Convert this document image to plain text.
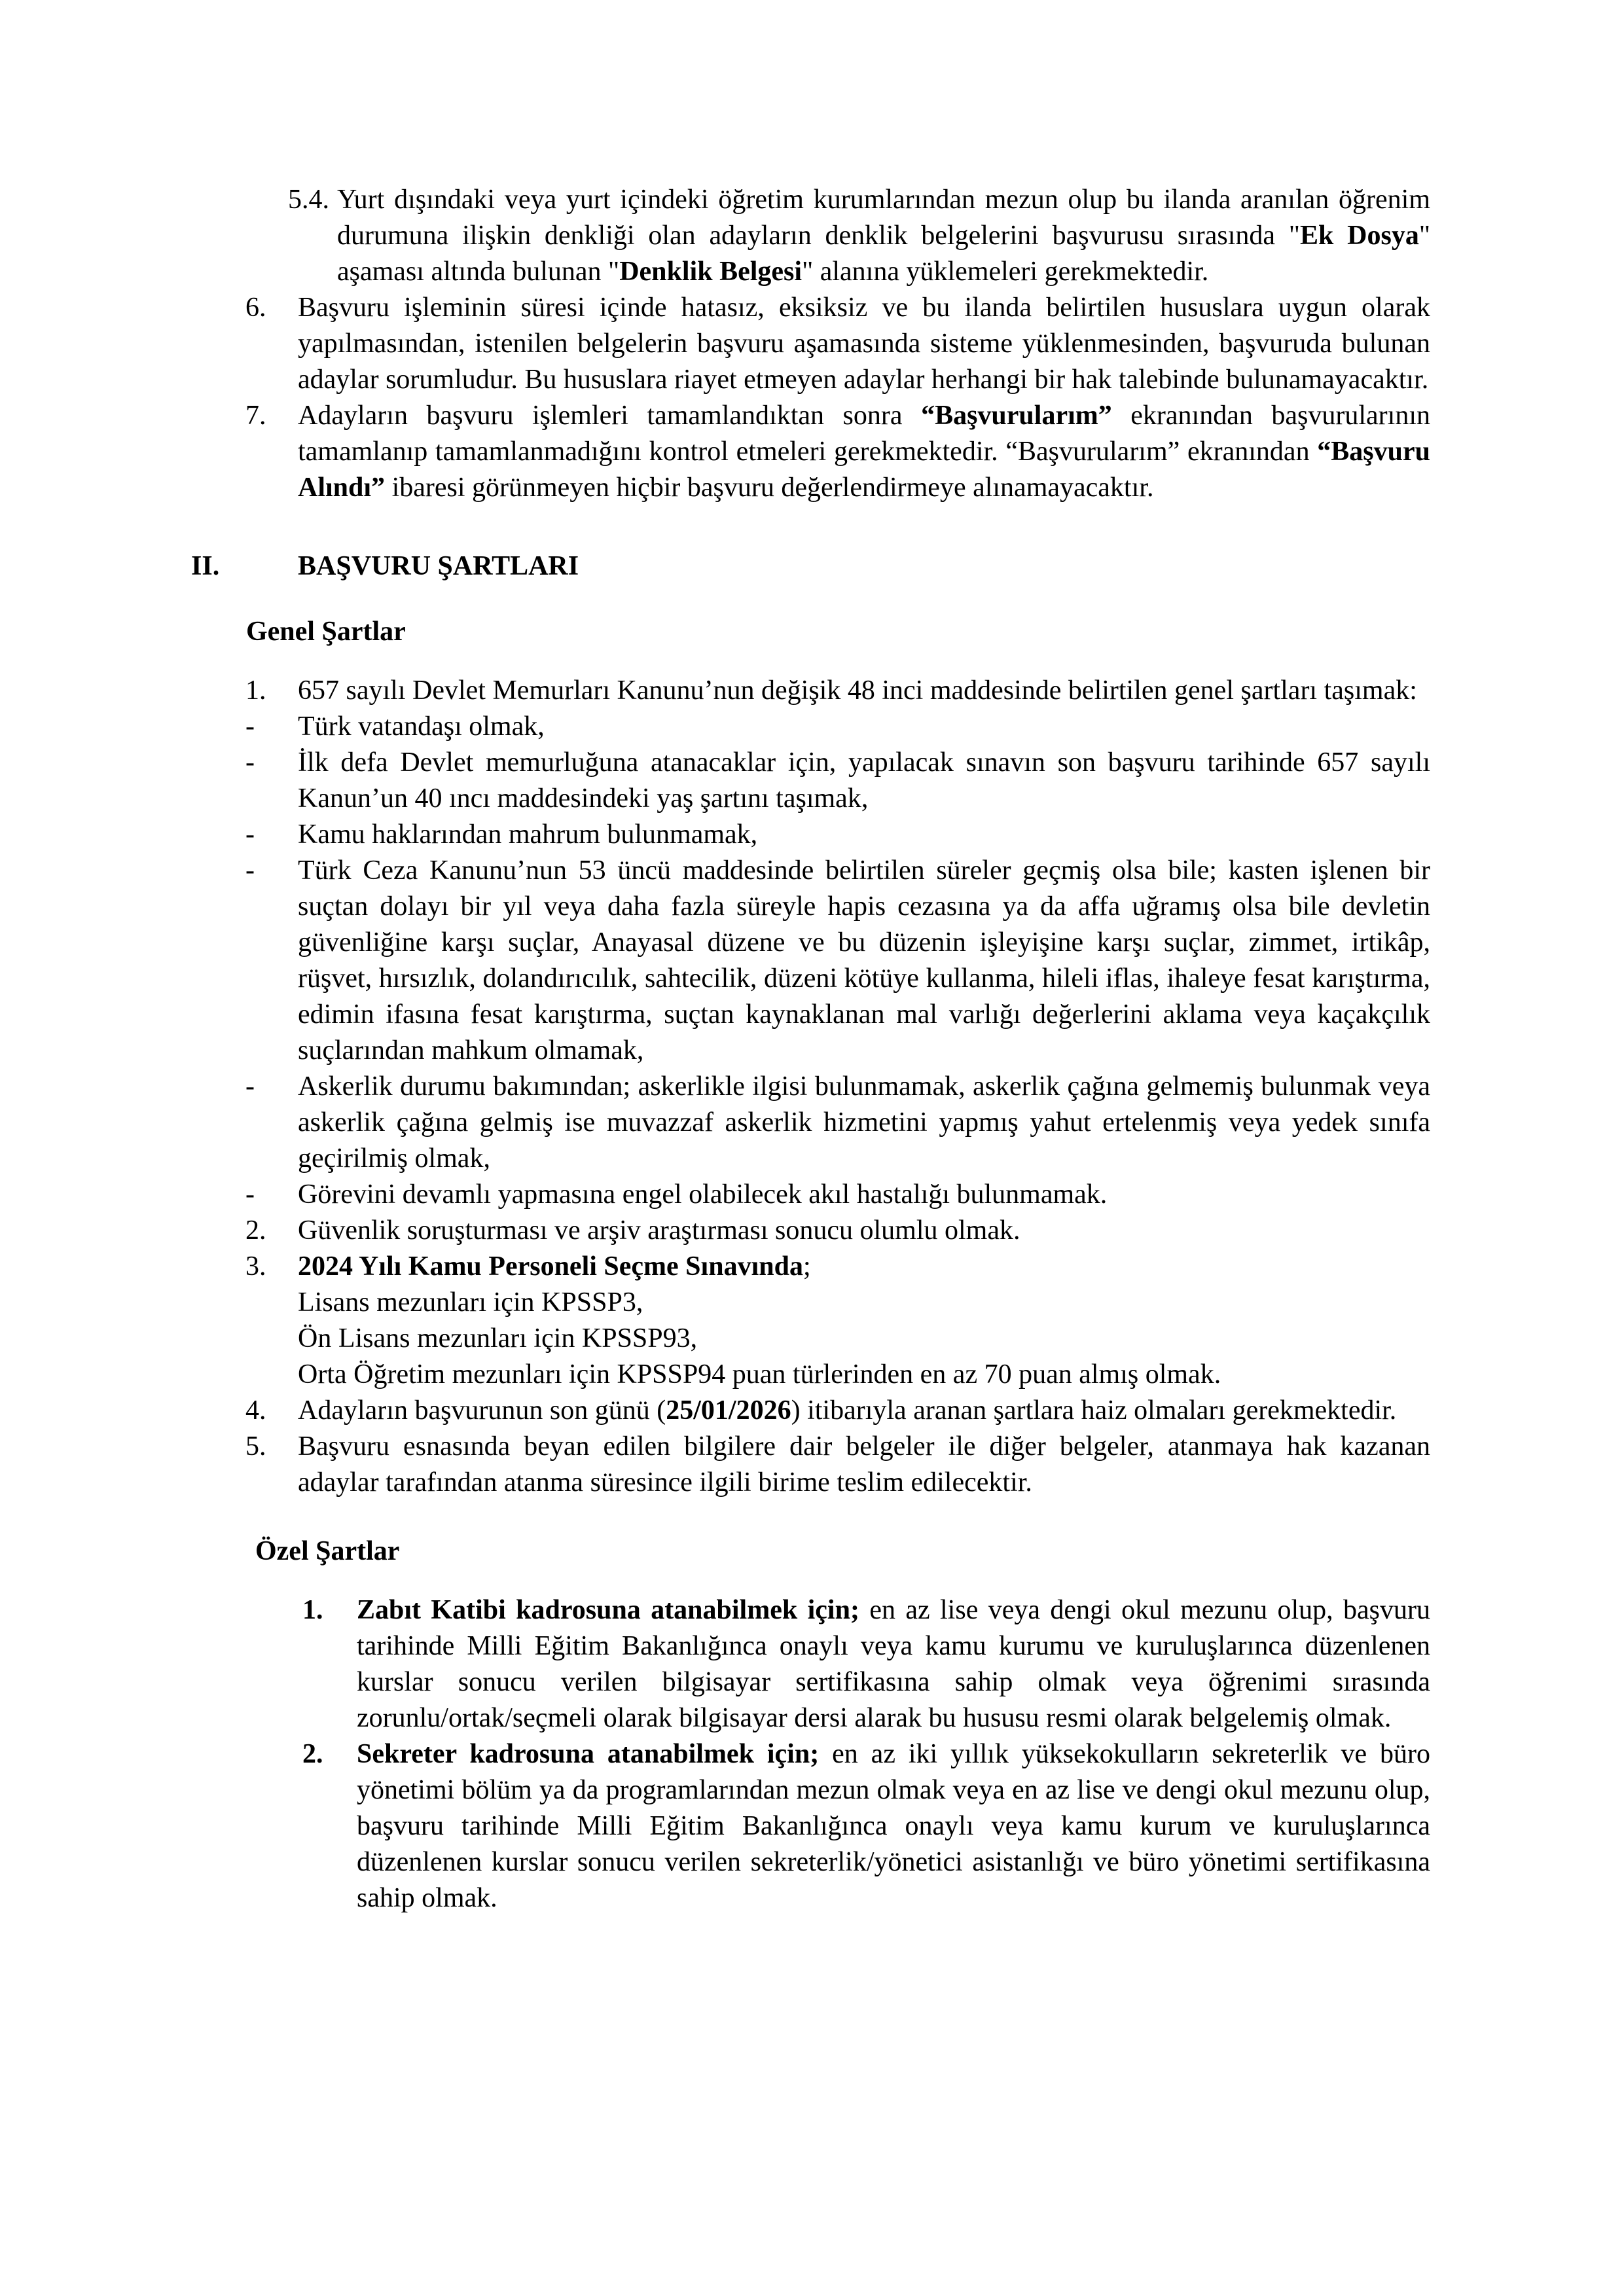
5.4. Yurt dışındaki veya yurt içindeki öğretim kurumlarından mezun olup bu ilanda aranılan öğrenim durumuna ilişkin denkliği olan adayların denklik belgelerini başvurusu sırasında "Ek Dosya" aşaması altında bulunan "Denklik Belgesi" alanına yüklemeleri gerekmektedir.
6. Başvuru işleminin süresi içinde hatasız, eksiksiz ve bu ilanda belirtilen hususlara uygun olarak yapılmasından, istenilen belgelerin başvuru aşamasında sisteme yüklenmesinden, başvuruda bulunan adaylar sorumludur. Bu hususlara riayet etmeyen adaylar herhangi bir hak talebinde bulunamayacaktır.
7. Adayların başvuru işlemleri tamamlandıktan sonra “Başvurularım” ekranından başvurularının tamamlanıp tamamlanmadığını kontrol etmeleri gerekmektedir. “Başvurularım” ekranından “Başvuru Alındı” ibaresi görünmeyen hiçbir başvuru değerlendirmeye alınamayacaktır.
II.	BAŞVURU ŞARTLARI
Genel Şartlar
1. 657 sayılı Devlet Memurları Kanunu’nun değişik 48 inci maddesinde belirtilen genel şartları taşımak:
- Türk vatandaşı olmak,
- İlk defa Devlet memurluğuna atanacaklar için, yapılacak sınavın son başvuru tarihinde 657 sayılı Kanun’un 40 ıncı maddesindeki yaş şartını taşımak,
- Kamu haklarından mahrum bulunmamak,
- Türk Ceza Kanunu’nun 53 üncü maddesinde belirtilen süreler geçmiş olsa bile; kasten işlenen bir suçtan dolayı bir yıl veya daha fazla süreyle hapis cezasına ya da affa uğramış olsa bile devletin güvenliğine karşı suçlar, Anayasal düzene ve bu düzenin işleyişine karşı suçlar, zimmet, irtikâp, rüşvet, hırsızlık, dolandırıcılık, sahtecilik, düzeni kötüye kullanma, hileli iflas, ihaleye fesat karıştırma, edimin ifasına fesat karıştırma, suçtan kaynaklanan mal varlığı değerlerini aklama veya kaçakçılık suçlarından mahkum olmamak,
- Askerlik durumu bakımından; askerlikle ilgisi bulunmamak, askerlik çağına gelmemiş bulunmak veya askerlik çağına gelmiş ise muvazzaf askerlik hizmetini yapmış yahut ertelenmiş veya yedek sınıfa geçirilmiş olmak,
- Görevini devamlı yapmasına engel olabilecek akıl hastalığı bulunmamak.
2. Güvenlik soruşturması ve arşiv araştırması sonucu olumlu olmak.
3. 2024 Yılı Kamu Personeli Seçme Sınavında;
Lisans mezunları için KPSSP3,
Ön Lisans mezunları için KPSSP93,
Orta Öğretim mezunları için KPSSP94 puan türlerinden en az 70 puan almış olmak.
4. Adayların başvurunun son günü (25/01/2026) itibarıyla aranan şartlara haiz olmaları gerekmektedir.
5. Başvuru esnasında beyan edilen bilgilere dair belgeler ile diğer belgeler, atanmaya hak kazanan adaylar tarafından atanma süresince ilgili birime teslim edilecektir.
Özel Şartlar
1. Zabıt Katibi kadrosuna atanabilmek için; en az lise veya dengi okul mezunu olup, başvuru tarihinde Milli Eğitim Bakanlığınca onaylı veya kamu kurumu ve kuruluşlarınca düzenlenen kurslar sonucu verilen bilgisayar sertifikasına sahip olmak veya öğrenimi sırasında zorunlu/ortak/seçmeli olarak bilgisayar dersi alarak bu hususu resmi olarak belgelemiş olmak.
2. Sekreter kadrosuna atanabilmek için; en az iki yıllık yüksekokulların sekreterlik ve büro yönetimi bölüm ya da programlarından mezun olmak veya en az lise ve dengi okul mezunu olup, başvuru tarihinde Milli Eğitim Bakanlığınca onaylı veya kamu kurum ve kuruluşlarınca düzenlenen kurslar sonucu verilen sekreterlik/yönetici asistanlığı ve büro yönetimi sertifikasına sahip olmak.
